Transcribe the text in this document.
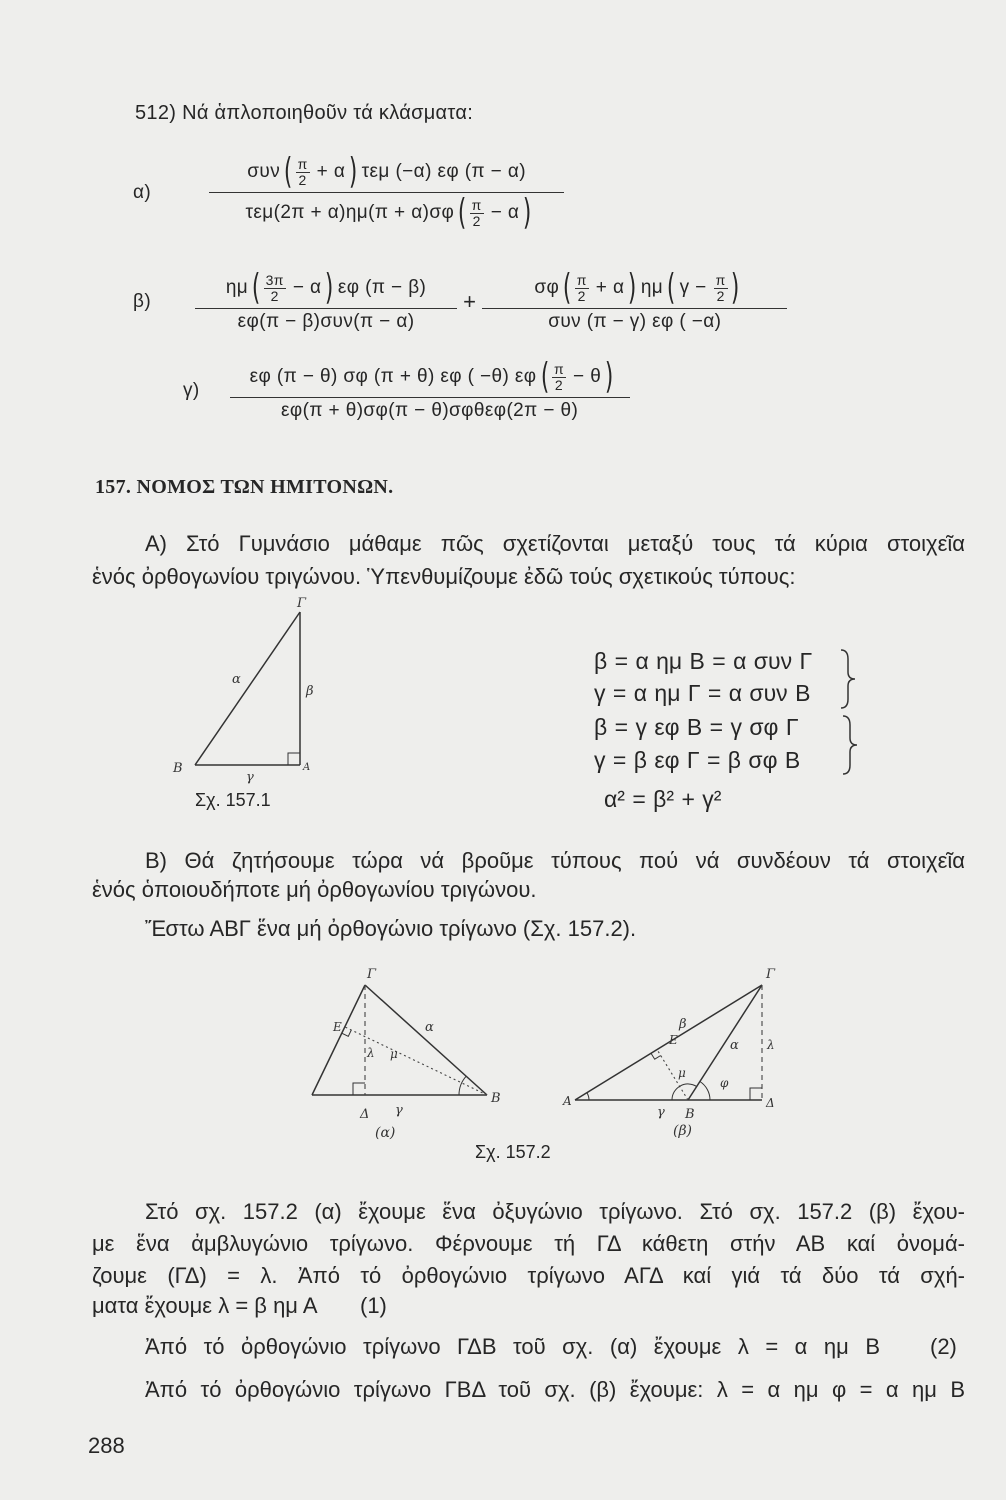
512) Νά ἁπλοποιηθοῦν τά κλάσματα:
α)
συν ( $\frac{\pi}{2} + \alpha$ ) τεμ (−α) εφ (π − α)
τεμ(2π + α)ημ(π + α)σφ ( $\frac{\pi}{2} - \alpha$ )
$\beta) \frac{\eta\mu ( \frac{3\pi}{2} - \alpha ) \varepsilon\varphi (\pi - \beta)}{\text{εφ(π − β)συν(π − α)}}$ +
σφ ( $\frac{\pi}{2} + \alpha$ ) ημ ( $\gamma - \frac{\pi}{2}$ )
συν (π − γ) εφ ( −α)
γ)
εφ (π − θ) σφ (π + θ) εφ ( −θ) εφ ( $\frac{\pi}{2} - \theta$ )
εφ(π + θ)σφ(π − θ)σφθεφ(2π − θ)
157. ΝΟΜΟΣ ΤΩΝ ΗΜΙΤΟΝΩΝ.
Α) Στό Γυμνάσιο μάθαμε πῶς σχετίζονται μεταξύ τους τά κύρια στοιχεῖα
ἑνός ὀρθογωνίου τριγώνου. Ὑπενθυμίζουμε ἐδῶ τούς σχετικούς τύπους:
Γ
α
β
γ
Β	Α
Σχ. 157.1
β = α ημ Β = α συν Γ
γ = α ημ Γ = α συν Β
β = γ εφ Β = γ σφ Γ
γ = β εφ Γ = β σφ Β
α² = β² + γ²
Β) Θά ζητήσουμε τώρα νά βροῦμε τύπους πού νά συνδέουν τά στοιχεῖα
ἑνός ὁποιουδήποτε μή ὀρθογωνίου τριγώνου.
Ἔστω ΑΒΓ ἕνα μή ὀρθογώνιο τρίγωνο (Σχ. 157.2).
Γ
Ε
λ μ
α
Δ γ
Β
(α)
Α
Γ
Ε
β
α λ
μ
φ
γ Β
Δ
(β)
Σχ. 157.2
Στό σχ. 157.2 (α) ἔχουμε ἕνα ὀξυγώνιο τρίγωνο. Στό σχ. 157.2 (β) ἔχου-
με ἕνα ἀμβλυγώνιο τρίγωνο. Φέρνουμε τή ΓΔ κάθετη στήν ΑΒ καί ὀνομά-
ζουμε (ΓΔ) = λ. Ἀπό τό ὀρθογώνιο τρίγωνο ΑΓΔ καί γιά τά δύο τά σχή-
ματα ἔχουμε λ = β ημ Α (1)
Ἀπό τό ὀρθογώνιο τρίγωνο ΓΔΒ τοῦ σχ. (α) ἔχουμε λ = α ημ Β (2)
Ἀπό τό ὀρθογώνιο τρίγωνο ΓΒΔ τοῦ σχ. (β) ἔχουμε: λ = α ημ φ = α ημ Β
288
